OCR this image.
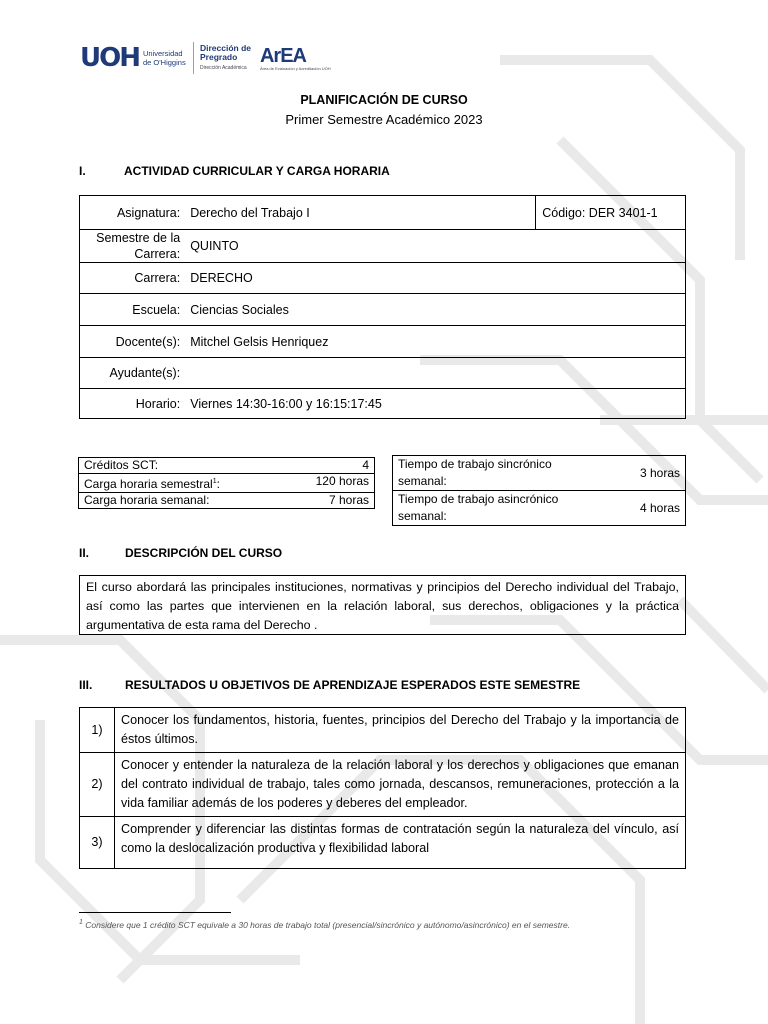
UOH Universidad de O'Higgins
Dirección de Pregrado
Dirección Académica
ArEA
Área de Evaluación y Acreditación UOH
PLANIFICACIÓN DE CURSO
Primer Semestre Académico 2023
I.	ACTIVIDAD CURRICULAR Y CARGA HORARIA
Asignatura:	Derecho del Trabajo I	Código: DER 3401-1
Semestre de la Carrera:	QUINTO	
Carrera:	DERECHO	
Escuela:	Ciencias Sociales	
Docente(s):	Mitchel Gelsis Henriquez	
Ayudante(s):		
Horario:	Viernes 14:30-16:00 y 16:15:17:45	
Créditos SCT:	4
Carga horaria semestral$^1$:	120 horas
Carga horaria semanal:	7 horas
Tiempo de trabajo sincrónico semanal:	3 horas
Tiempo de trabajo asincrónico semanal:	4 horas
II.	DESCRIPCIÓN DEL CURSO
El curso abordará las principales instituciones, normativas y principios del Derecho individual del Trabajo, así como las partes que intervienen en la relación laboral, sus derechos, obligaciones y la práctica argumentativa de esta rama del Derecho .
III.	RESULTADOS U OBJETIVOS DE APRENDIZAJE ESPERADOS ESTE SEMESTRE
1)	Conocer los fundamentos, historia, fuentes, principios del Derecho del Trabajo y la importancia de éstos últimos.
2)	Conocer y entender la naturaleza de la relación laboral y los derechos y obligaciones que emanan del contrato individual de trabajo, tales como jornada, descansos, remuneraciones, protección a la vida familiar además de los poderes y deberes del empleador.
3)	Comprender y diferenciar las distintas formas de contratación según la naturaleza del vínculo, así como la deslocalización productiva y flexibilidad laboral
$^1$ Considere que 1 crédito SCT equivale a 30 horas de trabajo total (presencial/sincrónico y autónomo/asincrónico) en el semestre.
